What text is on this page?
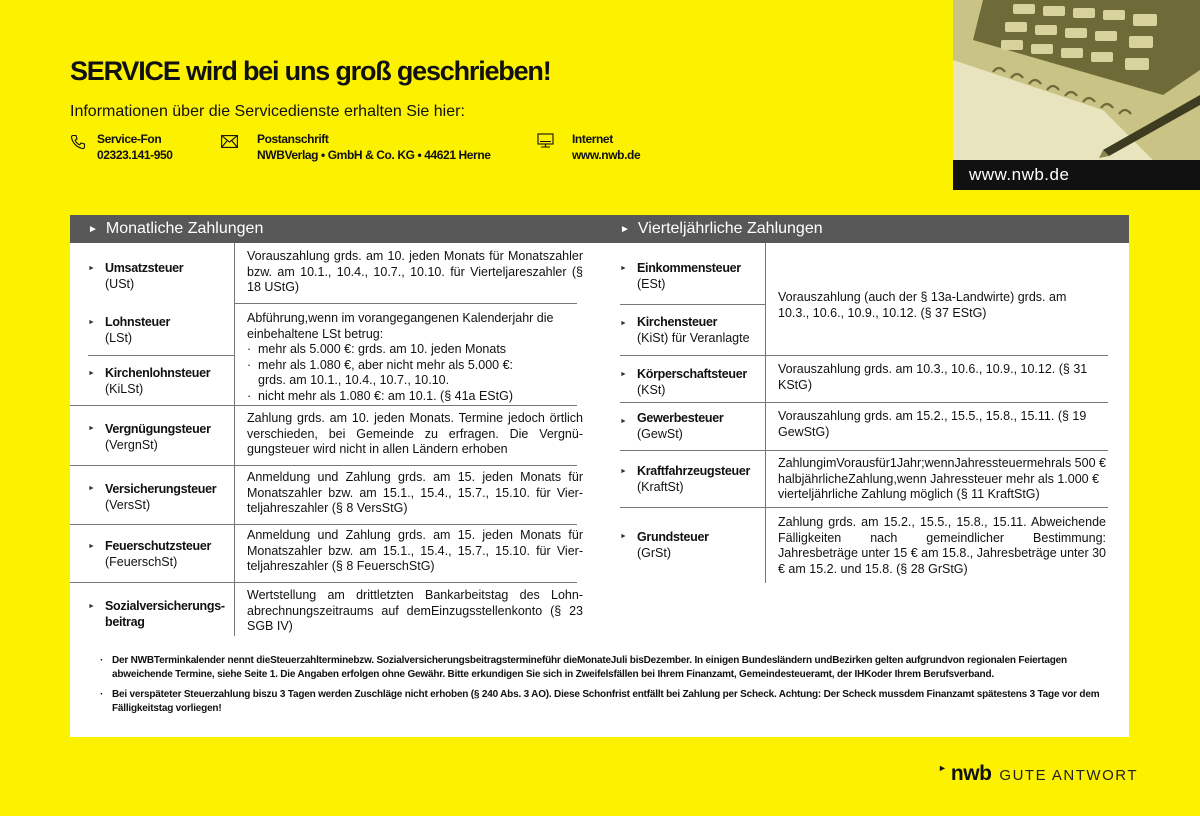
SERVICE wird bei uns groß geschrieben!
Informationen über die Servicedienste erhalten Sie hier:
Service-Fon
02323.141-950
Postanschrift
NWBVerlag • GmbH & Co. KG • 44621 Herne
Internet
www.nwb.de
www.nwb.de
► Monatliche Zahlungen	► Vierteljährliche Zahlungen
► Umsatzsteuer
(USt)
Vorauszahlung grds. am 10. jeden Monats für Monatszahler bzw. am 10.1., 10.4., 10.7., 10.10. für Vierteljareszahler (§ 18 UStG)
► Lohnsteuer
(LSt)
► Kirchenlohnsteuer
(KiLSt)
Abführung,wenn im vorangegangenen Kalenderjahr die einbehaltene LSt betrug:
· mehr als 5.000 €: grds. am 10. jeden Monats
· mehr als 1.080 €, aber nicht mehr als 5.000 €:
grds. am 10.1., 10.4., 10.7., 10.10.
· nicht mehr als 1.080 €: am 10.1. (§ 41a EStG)
► Vergnügungsteuer
(VergnSt)
Zahlung grds. am 10. jeden Monats. Termine jedoch örtlich verschieden, bei Gemeinde zu erfragen. Die Vergnügungsteuer wird nicht in allen Ländern erhoben
► Versicherungsteuer
(VersSt)
Anmeldung und Zahlung grds. am 15. jeden Monats für Monatszahler bzw. am 15.1., 15.4., 15.7., 15.10. für Vierteljahreszahler (§ 8 VersStG)
► Feuerschutzsteuer
(FeuerschSt)
Anmeldung und Zahlung grds. am 15. jeden Monats für Monatszahler bzw. am 15.1., 15.4., 15.7., 15.10. für Vierteljahreszahler (§ 8 FeuerschStG)
► Sozialversicherungs-
beitrag
Wertstellung am drittletzten Bankarbeitstag des Lohnabrechnungszeitraums auf demEinzugsstellenkonto (§ 23 SGB IV)
► Einkommensteuer
(ESt)
► Kirchensteuer
(KiSt) für Veranlagte
Vorauszahlung (auch der § 13a-Landwirte) grds. am 10.3., 10.6., 10.9., 10.12. (§ 37 EStG)
► Körperschaftsteuer
(KSt)
Vorauszahlung grds. am 10.3., 10.6., 10.9., 10.12. (§ 31 KStG)
► Gewerbesteuer
(GewSt)
Vorauszahlung grds. am 15.2., 15.5., 15.8., 15.11. (§ 19 GewStG)
► Kraftfahrzeugsteuer
(KraftSt)
ZahlungimVorausfür1Jahr;wennJahressteuermehrals 500 € halbjährlicheZahlung,wenn Jahressteuer mehr als 1.000 € vierteljährliche Zahlung möglich (§ 11 KraftStG)
► Grundsteuer
(GrSt)
Zahlung grds. am 15.2., 15.5., 15.8., 15.11. Abweichende Fälligkeiten nach gemeindlicher Bestimmung: Jahresbeträge unter 15 € am 15.8., Jahresbeträge unter 30 € am 15.2. und 15.8. (§ 28 GrStG)
· Der NWBTerminkalender nennt dieSteuerzahlterminebzw. Sozialversicherungsbeitragstermineführ dieMonateJuli bisDezember. In einigen Bundesländern undBezirken gelten aufgrundvon regionalen Feiertagen abweichende Termine, siehe Seite 1. Die Angaben erfolgen ohne Gewähr. Bitte erkundigen Sie sich in Zweifelsfällen bei Ihrem Finanzamt, Gemeindesteueramt, der IHKoder Ihrem Berufsverband.
· Bei verspäteter Steuerzahlung biszu 3 Tagen werden Zuschläge nicht erhoben (§ 240 Abs. 3 AO). Diese Schonfrist entfällt bei Zahlung per Scheck. Achtung: Der Scheck mussdem Finanzamt spätestens 3 Tage vor dem Fälligkeitstag vorliegen!
► nwb GUTE ANTWORT
